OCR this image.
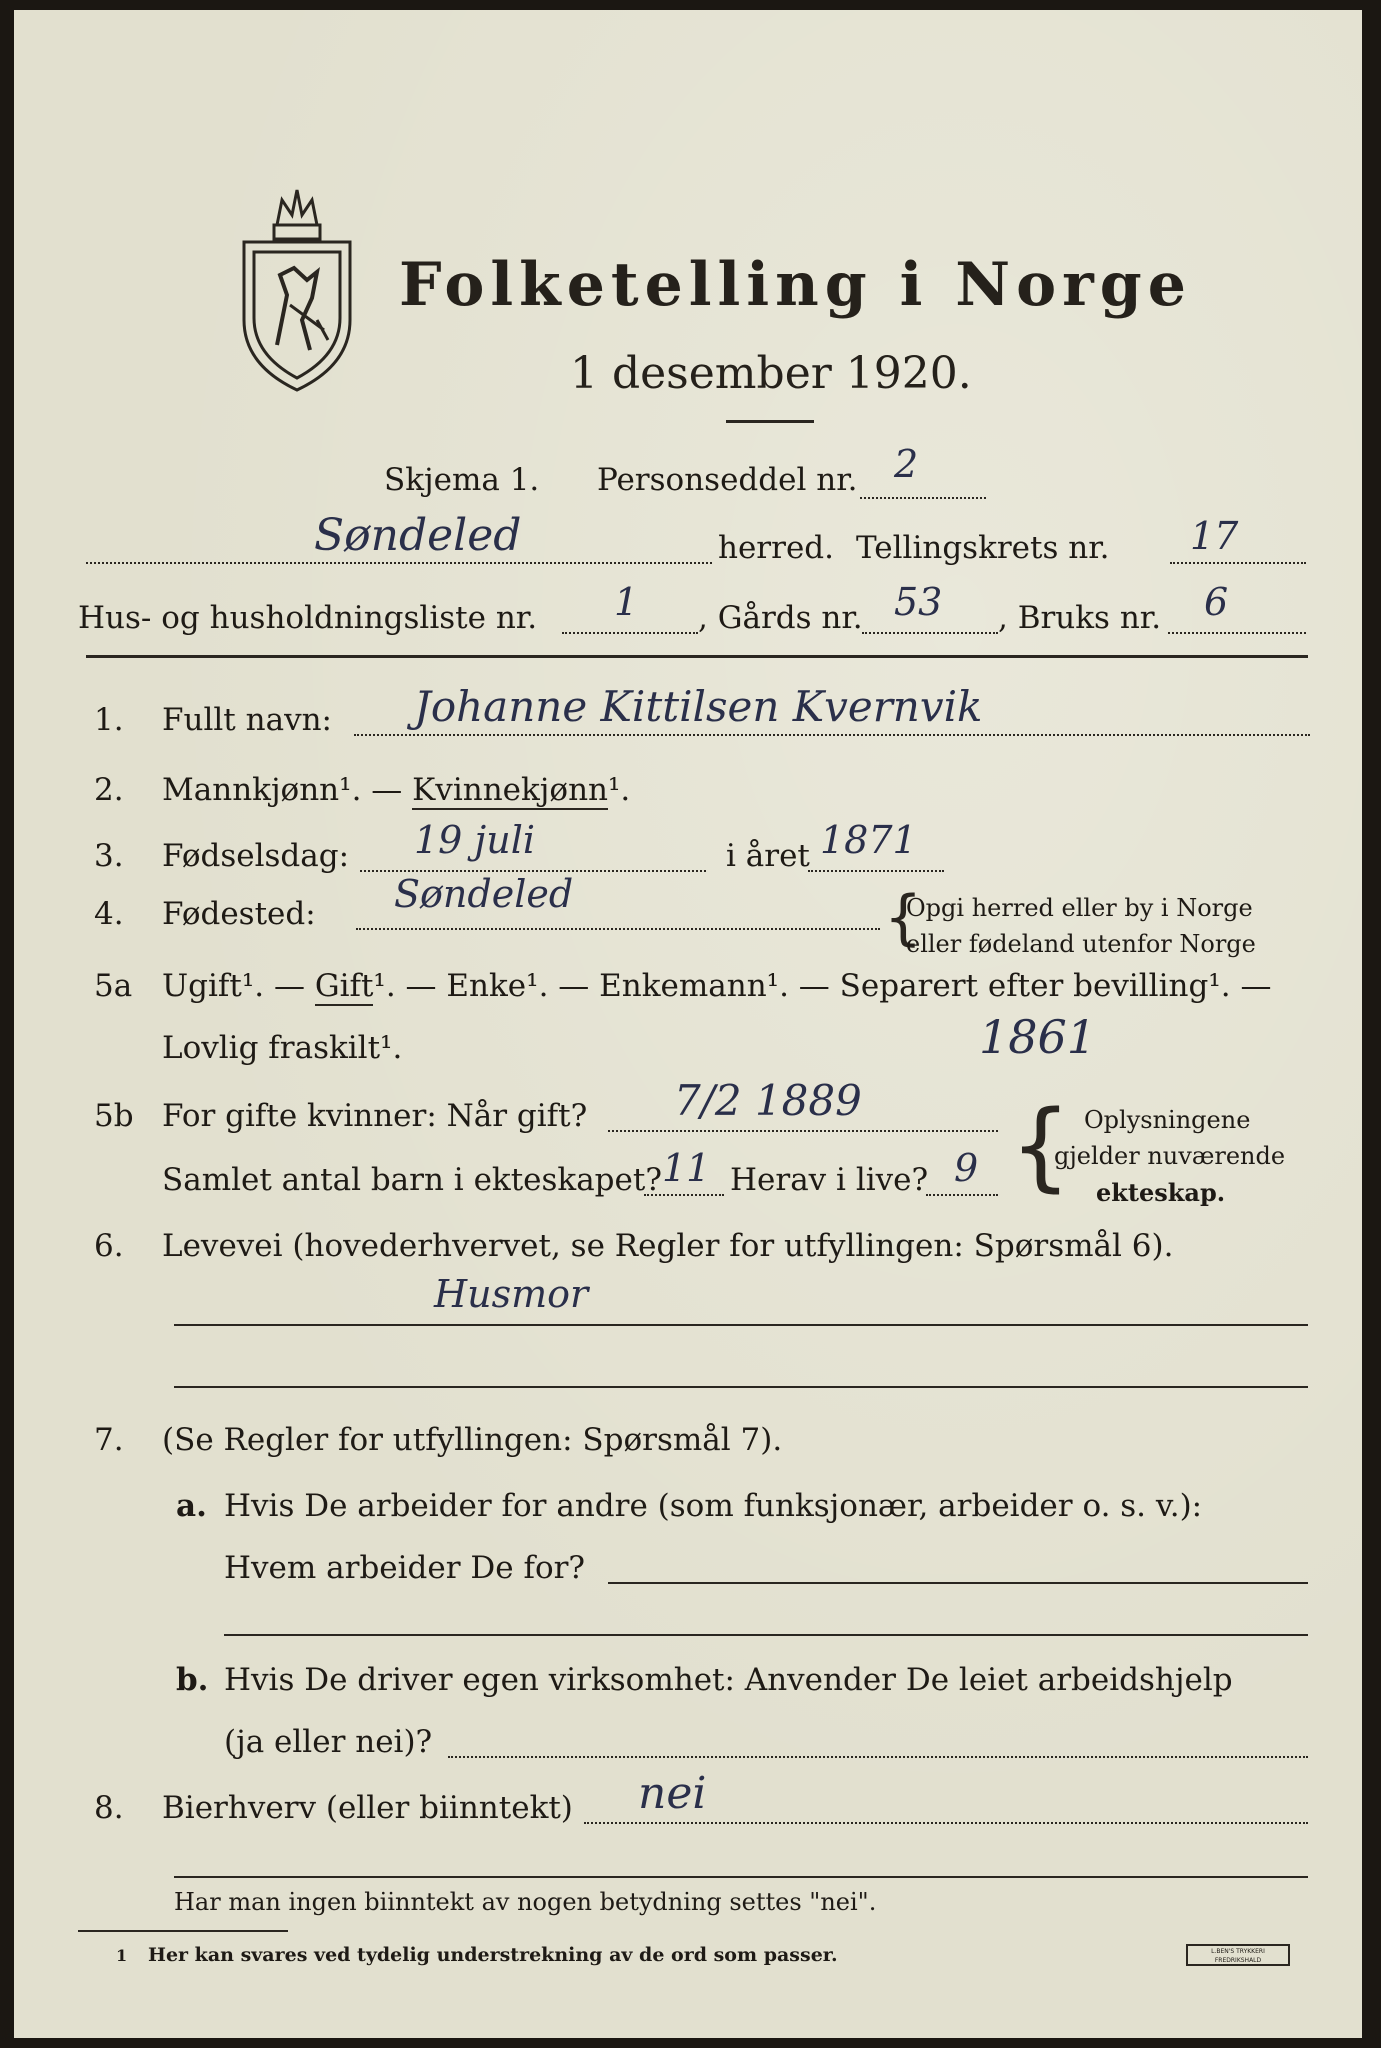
Folketelling i Norge
1 desember 1920.
Skjema 1. Personseddel nr. 2
Søndeled	herred. Tellingskrets nr. 17
Hus- og husholdningsliste nr. 1 , Gårds nr. 53 , Bruks nr. 6
1. Fullt navn: Johanne Kittilsen Kvernvik
2. Mannkjønn¹. — Kvinnekjønn¹.
3. Fødselsdag: 19 juli	i året 1871
4. Fødested: Søndeled	{
Opgi herred eller by i Norge
eller fødeland utenfor Norge
5a Ugift¹. — Gift¹. — Enke¹. — Enkemann¹. — Separert efter bevilling¹. —
Lovlig fraskilt¹.	1861
5b For gifte kvinner: Når gift? 7/2 1889
Samlet antal barn i ekteskapet? 11 Herav i live? 9 { Oplysningene
gjelder nuværende
ekteskap.
6. Levevei (hovederhvervet, se Regler for utfyllingen: Spørsmål 6).
Husmor
7. (Se Regler for utfyllingen: Spørsmål 7).
a. Hvis De arbeider for andre (som funksjonær, arbeider o. s. v.):
Hvem arbeider De for?
b. Hvis De driver egen virksomhet: Anvender De leiet arbeidshjelp
(ja eller nei)?
8. Bierhverv (eller biinntekt) nei
Har man ingen biinntekt av nogen betydning settes "nei".
1 Her kan svares ved tydelig understrekning av de ord som passer.	L.BEN'S TRYKKERI FREDRIKSHALD
